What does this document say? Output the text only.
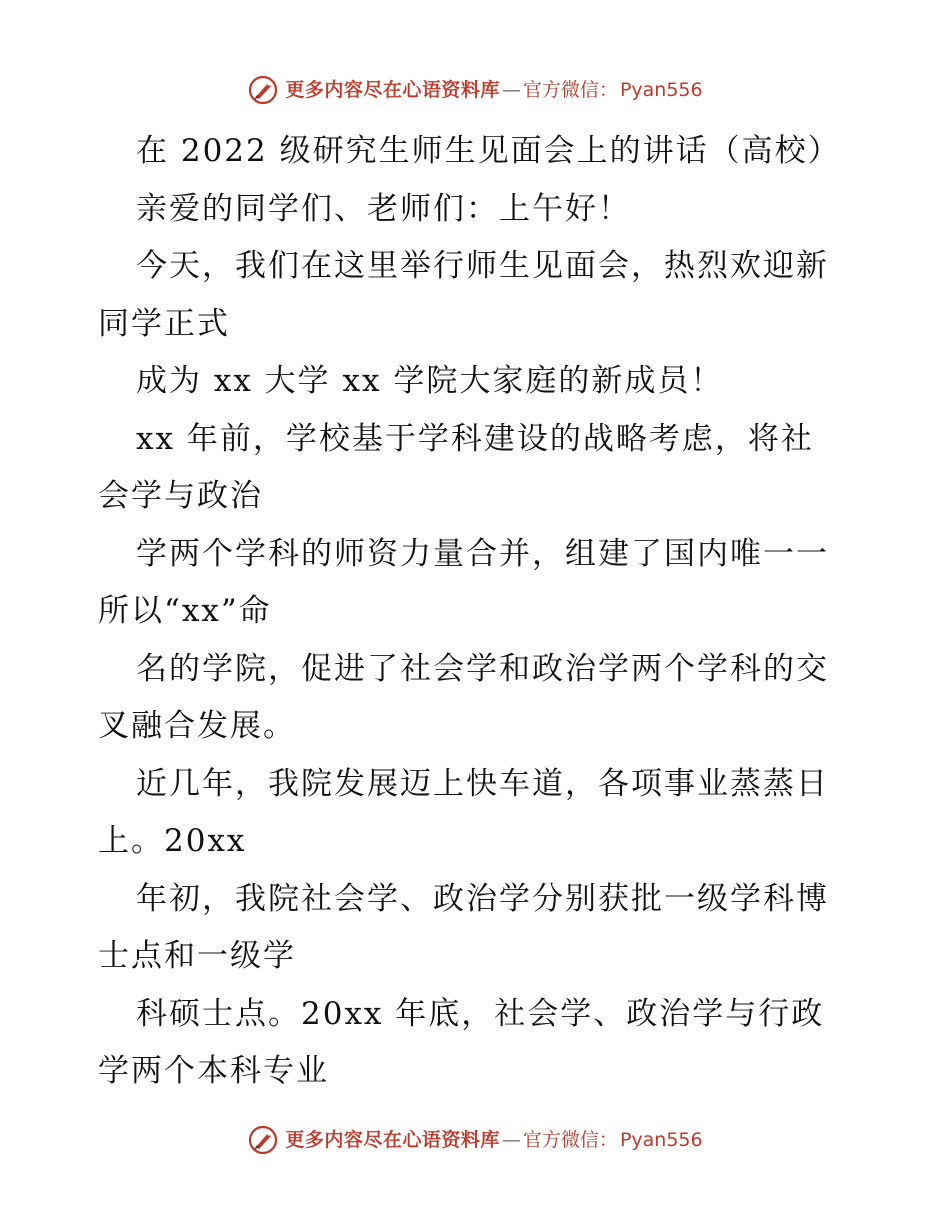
更多内容尽在心语资料库 — 官方微信： Pyan556
在 2022 级研究生师生见面会上的讲话（高校）
亲爱的同学们、老师们：上午好！
今天，我们在这里举行师生见面会，热烈欢迎新
同学正式
成为 xx 大学 xx 学院大家庭的新成员！
xx 年前，学校基于学科建设的战略考虑，将社
会学与政治
学两个学科的师资力量合并，组建了国内唯一一
所以“xx”命
名的学院，促进了社会学和政治学两个学科的交
叉融合发展。
近几年，我院发展迈上快车道，各项事业蒸蒸日
上。20xx
年初，我院社会学、政治学分别获批一级学科博
士点和一级学
科硕士点。20xx 年底，社会学、政治学与行政
学两个本科专业
更多内容尽在心语资料库 — 官方微信： Pyan556
